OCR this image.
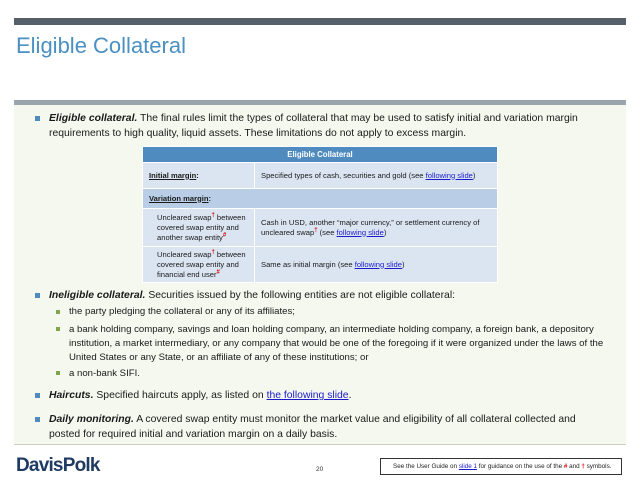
Eligible Collateral
Eligible collateral. The final rules limit the types of collateral that may be used to satisfy initial and variation margin requirements to high quality, liquid assets. These limitations do not apply to excess margin.
Eligible Collateral	
Initial margin:	Specified types of cash, securities and gold (see following slide)
Variation margin:	
Uncleared swap† between covered swap entity and another swap entity#	Cash in USD, another “major currency,” or settlement currency of uncleared swap† (see following slide)
Uncleared swap† between covered swap entity and financial end user#	Same as initial margin (see following slide)
Ineligible collateral. Securities issued by the following entities are not eligible collateral:
the party pledging the collateral or any of its affiliates;
a bank holding company, savings and loan holding company, an intermediate holding company, a foreign bank, a depository institution, a market intermediary, or any company that would be one of the foregoing if it were organized under the laws of the United States or any State, or an affiliate of any of these institutions; or
a non-bank SIFI.
Haircuts. Specified haircuts apply, as listed on the following slide.
Daily monitoring. A covered swap entity must monitor the market value and eligibility of all collateral collected and posted for required initial and variation margin on a daily basis.
DavisPolk	20	See the User Guide on slide 1 for guidance on the use of the # and † symbols.
